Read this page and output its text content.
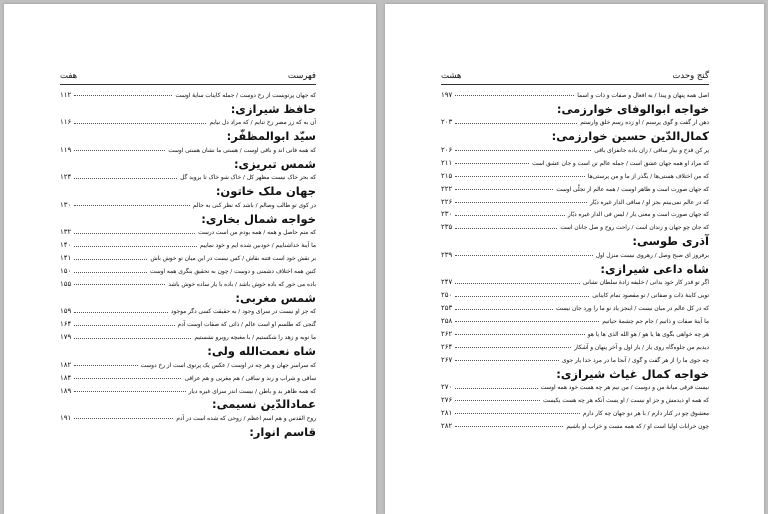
فهرست
هفت
که جهان پرتویست از رخ دوست / جمله کاینات سایهٔ اوست
۱۱۲
حافظ شیرازی:
آن به که زر مصر رخ تنایم / که مراد دل نیایم
۱۱۶
سیّد ابوالمظفّر:
که همه فانی اند و باقی اوست / هستی ما نشان هستی اوست
۱۱۹
شمس تبریزی:
که بحر خاک نیست مظهر کل / خاک شو خاک تا بروید گل
۱۲۴
جهان ملک خاتون:
در کوی تو طالب وصالم / باشد که نظر کنی به حالم
۱۳۰
خواجه شمال بخاری:
که منم حاصل و همه / همه بودم من است درست
۱۳۲
ما آینهٔ خداشناییم / خودبین شده ایم و خود نماییم
۱۴۰
بر نقش خود است فتنه نقاش / کس نیست در این میان تو خوش باش
۱۴۱
کنین همه اختلاف دشمنی و دوست / چون به تحقیق بنگری همه اوست
۱۵۰
باده می خور که باده خوش باشد / باده با یار ساده خوش باشد
۱۵۵
شمس مغربی:
که جز او نیست در سرای وجود / به حقیقت کسی دگر موجود
۱۵۹
گنجی که طلسم او است عالم / ذاتی که صفات اوست آدم
۱۶۴
ما توبه و زهد را شکستیم / با مغبچه روبرو نشستیم
۱۷۹
شاه نعمت‌الله ولی:
که سراسر جهان و هر چه در اوست / عکس یک پرتوی است از رخ دوست
۱۸۲
ساقی و شراب و رند و ساقی / هم مغربی و هم عراقی
۱۸۴
که همه ظاهر بد و باطن / نیست اندر سرای غیره دیار
۱۸۹
عمادالدّین نسیمی:
روح القدس و هم اسم اعظم / روحی که شده است در آدم
۱۹۱
قاسم انوار:
گنج وحدت
هشت
اصل همه پنهان و پیدا / به افعال و صفات و ذات و اسما
۱۹۷
خواجه ابوالوفای خوارزمی:
دهن ار گفت و گوی پرسنم / او زده رسم خلق وارستم
۲۰۳
کمال‌الدّین حسین خوارزمی:
پر کن قدح و بیار ساقی / زان باده جانفزای باقی
۲۰۶
که مراد او همه جهان عشق است / جمله عالم تن است و جان عشق است
۲۱۱
که من اختلاف هستی‌ها / بگذر از ما و من پرستی‌ها
۲۱۵
که جهان صورت است و ظاهر اوست / همه عالم از تجلّی اوست
۲۲۲
که در عالم نمی‌بینم بجز او / ساقی الدار غیره دیّار
۲۲۶
که جهان صورت است و معنی یار / لیس فی الدار غیره دیّار
۲۳۰
که جان چو جهان و زندان است / راحت روح و صل جانان است
۲۳۵
آذری طوسی:
برفروز ای صبح وصل / رهروی نیست منزل اول
۲۳۹
شاه داعی شیرازی:
اگر تو قدر کار خود بدانی / خلیفه زادهٔ سلطان نشانی
۲۴۷
تویی کاینهٔ ذات و صفاتی / تو مقصود تمام کاینانی
۲۵۰
که در کل عالم در میان نیست / اینجز یاد تو ما را ورد جان نیست
۲۵۳
ما آینهٔ صفات و ذاتیم / جام جم چشمهٔ حیاتیم
۲۵۸
هر چه خواهی بگوی ها یا هو / هو الله الذی ها یا هو
۲۶۲
دیدیم من جلوه‌گاه روی یار / یار اول و آخر پنهان و آشکار
۲۶۴
چه جوی ما را از هر گفت و گوی / آنجا ما در مرد خدا یار جوی
۲۶۷
خواجه کمال غیاث شیرازی:
نیست فرقی میانهٔ من و دوست / من نیم هر چه هست خود همه اوست
۲۷۰
که همه او دیدمش و جز او نیست / او یست آنکه هر چه هست یکیست
۲۷۶
معشوق چو در کنار دارم / با هر دو جهان چه کار دارم
۲۸۱
چون خرابات اولیا است او / که همه مست و خراب او باشیم
۲۸۲
